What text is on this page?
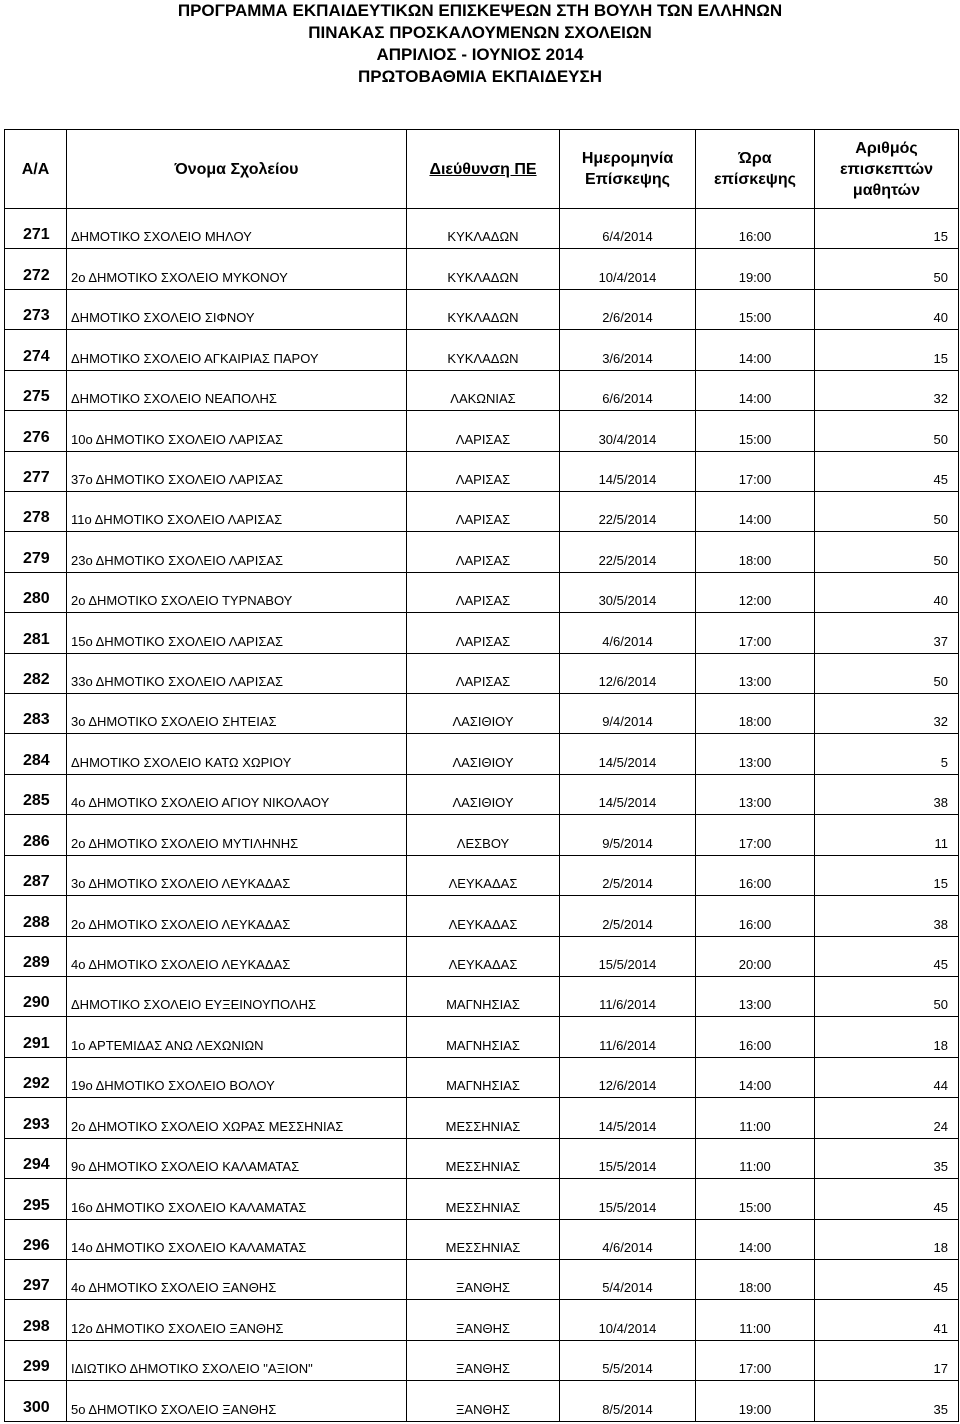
ΠΡΟΓΡΑΜΜΑ ΕΚΠΑΙΔΕΥΤΙΚΩΝ ΕΠΙΣΚΕΨΕΩΝ ΣΤΗ ΒΟΥΛΗ ΤΩΝ ΕΛΛΗΝΩΝ
ΠΙΝΑΚΑΣ ΠΡΟΣΚΑΛΟΥΜΕΝΩΝ ΣΧΟΛΕΙΩΝ
ΑΠΡΙΛΙΟΣ - ΙΟΥΝΙΟΣ 2014
ΠΡΩΤΟΒΑΘΜΙΑ ΕΚΠΑΙΔΕΥΣΗ
Α/Α	Όνομα Σχολείου	Διεύθυνση ΠΕ	Ημερομηνία Επίσκεψης	Ώρα επίσκεψης	Αριθμός επισκεπτών μαθητών
271	ΔΗΜΟΤΙΚΟ ΣΧΟΛΕΙΟ ΜΗΛΟΥ	ΚΥΚΛΑΔΩΝ	6/4/2014	16:00	15
272	2ο ΔΗΜΟΤΙΚΟ ΣΧΟΛΕΙΟ ΜΥΚΟΝΟΥ	ΚΥΚΛΑΔΩΝ	10/4/2014	19:00	50
273	ΔΗΜΟΤΙΚΟ ΣΧΟΛΕΙΟ ΣΙΦΝΟΥ	ΚΥΚΛΑΔΩΝ	2/6/2014	15:00	40
274	ΔΗΜΟΤΙΚΟ ΣΧΟΛΕΙΟ ΑΓΚΑΙΡΙΑΣ ΠΑΡΟΥ	ΚΥΚΛΑΔΩΝ	3/6/2014	14:00	15
275	ΔΗΜΟΤΙΚΟ ΣΧΟΛΕΙΟ ΝΕΑΠΟΛΗΣ	ΛΑΚΩΝΙΑΣ	6/6/2014	14:00	32
276	10ο ΔΗΜΟΤΙΚΟ ΣΧΟΛΕΙΟ ΛΑΡΙΣΑΣ	ΛΑΡΙΣΑΣ	30/4/2014	15:00	50
277	37ο ΔΗΜΟΤΙΚΟ ΣΧΟΛΕΙΟ ΛΑΡΙΣΑΣ	ΛΑΡΙΣΑΣ	14/5/2014	17:00	45
278	11ο ΔΗΜΟΤΙΚΟ ΣΧΟΛΕΙΟ ΛΑΡΙΣΑΣ	ΛΑΡΙΣΑΣ	22/5/2014	14:00	50
279	23ο ΔΗΜΟΤΙΚΟ ΣΧΟΛΕΙΟ ΛΑΡΙΣΑΣ	ΛΑΡΙΣΑΣ	22/5/2014	18:00	50
280	2ο ΔΗΜΟΤΙΚΟ ΣΧΟΛΕΙΟ ΤΥΡΝΑΒΟΥ	ΛΑΡΙΣΑΣ	30/5/2014	12:00	40
281	15ο ΔΗΜΟΤΙΚΟ ΣΧΟΛΕΙΟ ΛΑΡΙΣΑΣ	ΛΑΡΙΣΑΣ	4/6/2014	17:00	37
282	33ο ΔΗΜΟΤΙΚΟ ΣΧΟΛΕΙΟ ΛΑΡΙΣΑΣ	ΛΑΡΙΣΑΣ	12/6/2014	13:00	50
283	3ο ΔΗΜΟΤΙΚΟ ΣΧΟΛΕΙΟ ΣΗΤΕΙΑΣ	ΛΑΣΙΘΙΟΥ	9/4/2014	18:00	32
284	ΔΗΜΟΤΙΚΟ ΣΧΟΛΕΙΟ ΚΑΤΩ ΧΩΡΙΟΥ	ΛΑΣΙΘΙΟΥ	14/5/2014	13:00	5
285	4ο ΔΗΜΟΤΙΚΟ ΣΧΟΛΕΙΟ ΑΓΙΟΥ ΝΙΚΟΛΑΟΥ	ΛΑΣΙΘΙΟΥ	14/5/2014	13:00	38
286	2ο ΔΗΜΟΤΙΚΟ ΣΧΟΛΕΙΟ ΜΥΤΙΛΗΝΗΣ	ΛΕΣΒΟΥ	9/5/2014	17:00	11
287	3ο ΔΗΜΟΤΙΚΟ ΣΧΟΛΕΙΟ ΛΕΥΚΑΔΑΣ	ΛΕΥΚΑΔΑΣ	2/5/2014	16:00	15
288	2ο ΔΗΜΟΤΙΚΟ ΣΧΟΛΕΙΟ ΛΕΥΚΑΔΑΣ	ΛΕΥΚΑΔΑΣ	2/5/2014	16:00	38
289	4ο ΔΗΜΟΤΙΚΟ ΣΧΟΛΕΙΟ ΛΕΥΚΑΔΑΣ	ΛΕΥΚΑΔΑΣ	15/5/2014	20:00	45
290	ΔΗΜΟΤΙΚΟ ΣΧΟΛΕΙΟ ΕΥΞΕΙΝΟΥΠΟΛΗΣ	ΜΑΓΝΗΣΙΑΣ	11/6/2014	13:00	50
291	1ο ΑΡΤΕΜΙΔΑΣ ΑΝΩ ΛΕΧΩΝΙΩΝ	ΜΑΓΝΗΣΙΑΣ	11/6/2014	16:00	18
292	19ο ΔΗΜΟΤΙΚΟ ΣΧΟΛΕΙΟ ΒΟΛΟΥ	ΜΑΓΝΗΣΙΑΣ	12/6/2014	14:00	44
293	2ο ΔΗΜΟΤΙΚΟ ΣΧΟΛΕΙΟ ΧΩΡΑΣ ΜΕΣΣΗΝΙΑΣ	ΜΕΣΣΗΝΙΑΣ	14/5/2014	11:00	24
294	9ο ΔΗΜΟΤΙΚΟ ΣΧΟΛΕΙΟ ΚΑΛΑΜΑΤΑΣ	ΜΕΣΣΗΝΙΑΣ	15/5/2014	11:00	35
295	16ο ΔΗΜΟΤΙΚΟ ΣΧΟΛΕΙΟ ΚΑΛΑΜΑΤΑΣ	ΜΕΣΣΗΝΙΑΣ	15/5/2014	15:00	45
296	14ο ΔΗΜΟΤΙΚΟ ΣΧΟΛΕΙΟ ΚΑΛΑΜΑΤΑΣ	ΜΕΣΣΗΝΙΑΣ	4/6/2014	14:00	18
297	4ο ΔΗΜΟΤΙΚΟ ΣΧΟΛΕΙΟ ΞΑΝΘΗΣ	ΞΑΝΘΗΣ	5/4/2014	18:00	45
298	12ο ΔΗΜΟΤΙΚΟ ΣΧΟΛΕΙΟ ΞΑΝΘΗΣ	ΞΑΝΘΗΣ	10/4/2014	11:00	41
299	ΙΔΙΩΤΙΚΟ ΔΗΜΟΤΙΚΟ ΣΧΟΛΕΙΟ "ΑΞΙΟΝ"	ΞΑΝΘΗΣ	5/5/2014	17:00	17
300	5ο ΔΗΜΟΤΙΚΟ ΣΧΟΛΕΙΟ ΞΑΝΘΗΣ	ΞΑΝΘΗΣ	8/5/2014	19:00	35
